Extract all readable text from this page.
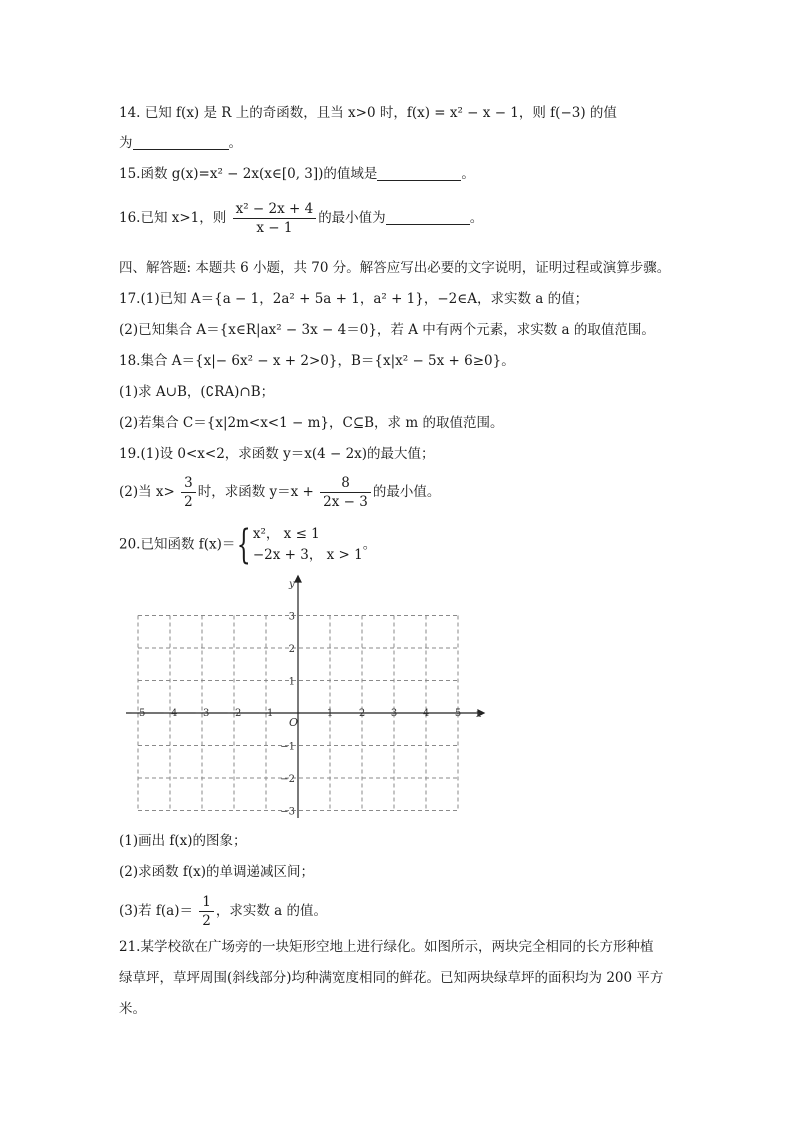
14. 已知 f(x) 是 R 上的奇函数，且当 x>0 时，f(x) = x² − x − 1，则 f(−3) 的值
为	。
15.函数 g(x)=x² − 2x(x∈[0, 3])的值域是	。
16.已知 x>1，则 $\frac{\text{x² − 2x + 4}}{x - 1}$ 的最小值为	。
四、解答题: 本题共 6 小题，共 70 分。解答应写出必要的文字说明，证明过程或演算步骤。
17.(1)已知 A＝{a − 1，2a² + 5a + 1，a² + 1}，−2∈A，求实数 a 的值；
(2)已知集合 A＝{x∈R|ax² − 3x − 4＝0}，若 A 中有两个元素，求实数 a 的取值范围。
18.集合 A＝{x|− 6x² − x + 2>0}，B＝{x|x² − 5x + 6≥0}。
(1)求 A∪B，(∁RA)∩B；
(2)若集合 C＝{x|2m<x<1 − m}，C⊆B，求 m 的取值范围。
19.(1)设 0<x<2，求函数 y＝x(4 − 2x)的最大值；
(2)当 $x> \frac{3}{2}$ 时，求函数 $y=x + \frac{8}{2x - 3}$ 的最小值。
20.已知函数 f(x)＝{ x²， x ≤ 1
−2x + 3， x > 1
。
x
y
O
−5 −4 −3 −2 −1	1	2	3	4	5
3
2
1
−1
−2
−3
(1)画出 f(x)的图象；
(2)求函数 f(x)的单调递减区间；
(3)若 $f(a)= \frac{1}{2}$ ，求实数 a 的值。
21.某学校欲在广场旁的一块矩形空地上进行绿化。如图所示，两块完全相同的长方形种植
绿草坪，草坪周围(斜线部分)均种满宽度相同的鲜花。已知两块绿草坪的面积均为 200 平方
米。
